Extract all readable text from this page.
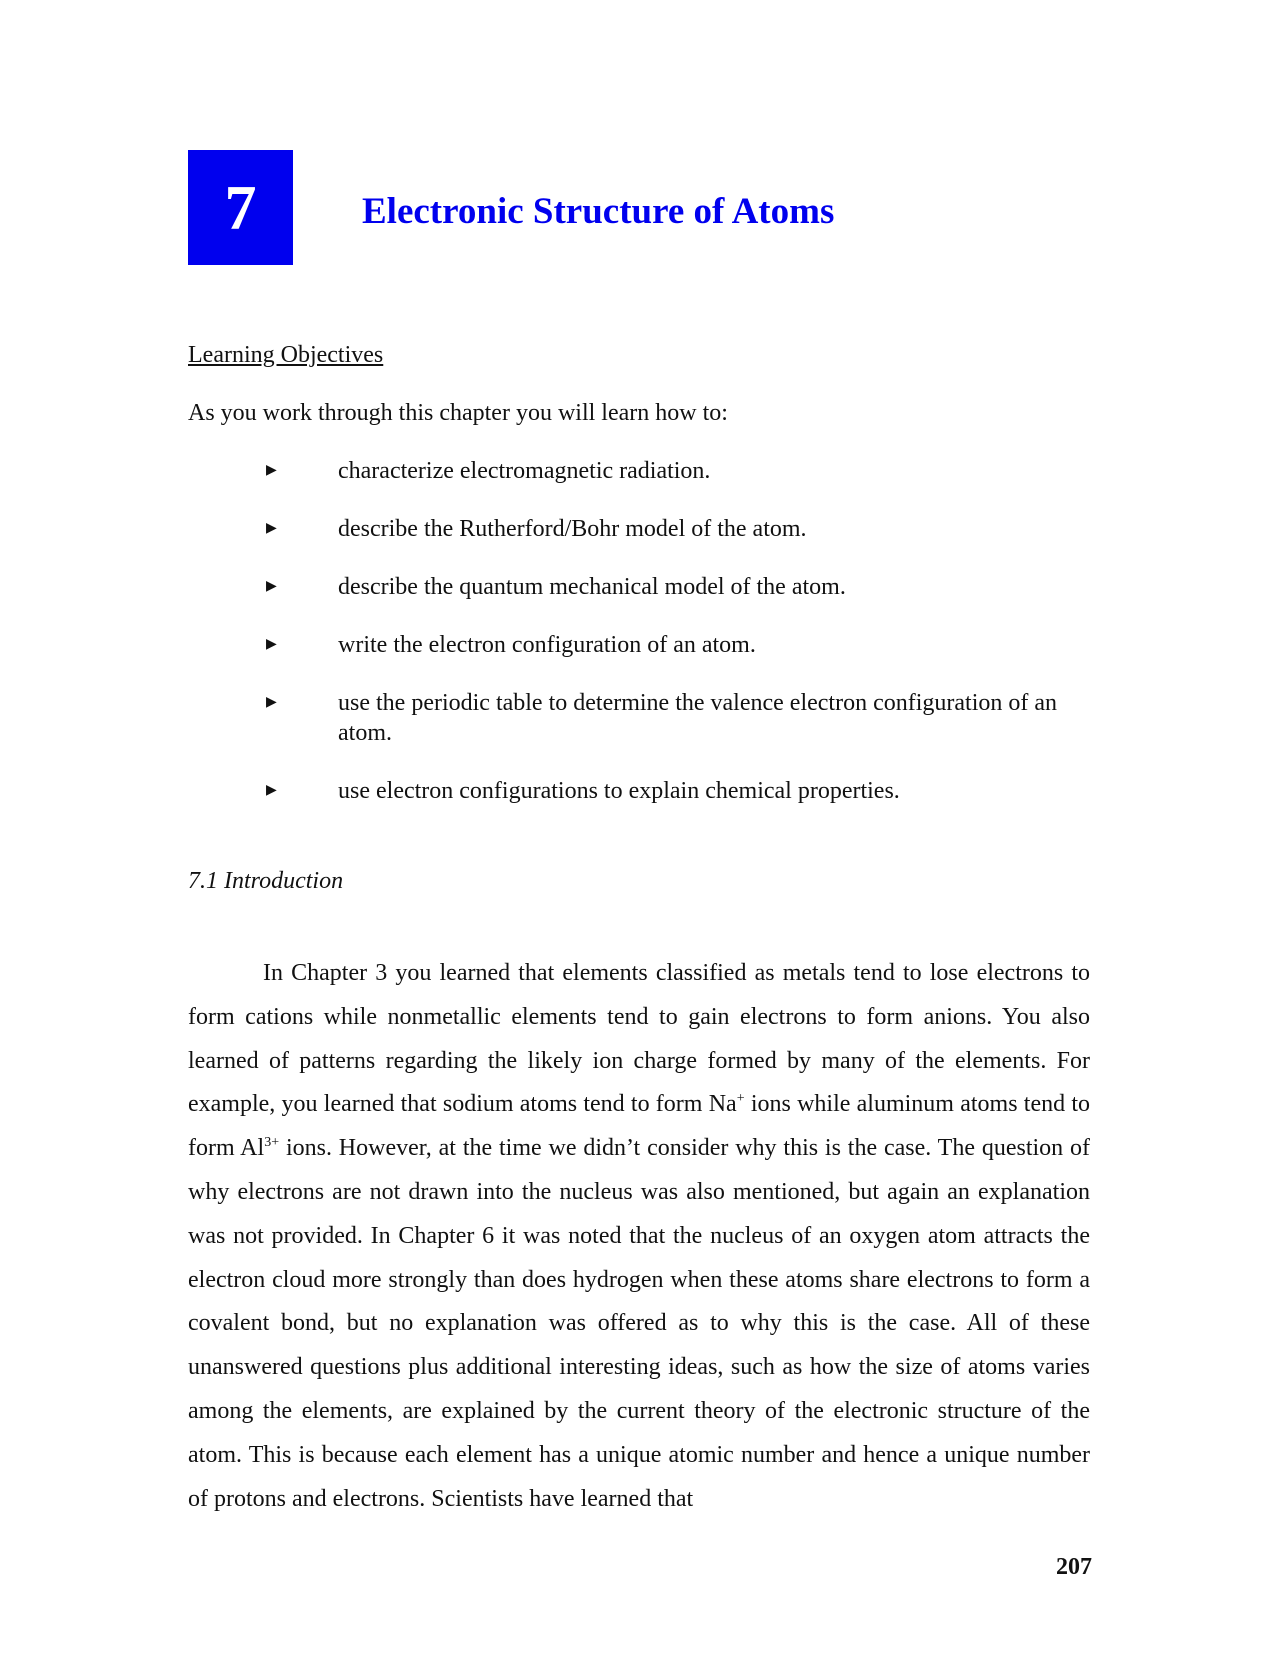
7	Electronic Structure of Atoms
Learning Objectives

As you work through this chapter you will learn how to:

▶	characterize electromagnetic radiation.
▶	describe the Rutherford/Bohr model of the atom.
▶	describe the quantum mechanical model of the atom.
▶	write the electron configuration of an atom.
▶	use the periodic table to determine the valence electron configuration of an atom.
▶	use electron configurations to explain chemical properties.
7.1 Introduction

In Chapter 3 you learned that elements classified as metals tend to lose electrons to form cations while nonmetallic elements tend to gain electrons to form anions. You also learned of patterns regarding the likely ion charge formed by many of the elements. For example, you learned that sodium atoms tend to form Na+ ions while aluminum atoms tend to form $Al^{3+}$ ions. However, at the time we didn’t consider why this is the case. The question of why electrons are not drawn into the nucleus was also mentioned, but again an explanation was not provided. In Chapter 6 it was noted that the nucleus of an oxygen atom attracts the electron cloud more strongly than does hydrogen when these atoms share electrons to form a covalent bond, but no explanation was offered as to why this is the case. All of these unanswered questions plus additional interesting ideas, such as how the size of atoms varies among the elements, are explained by the current theory of the electronic structure of the atom. This is because each element has a unique atomic number and hence a unique number of protons and electrons. Scientists have learned that

207
